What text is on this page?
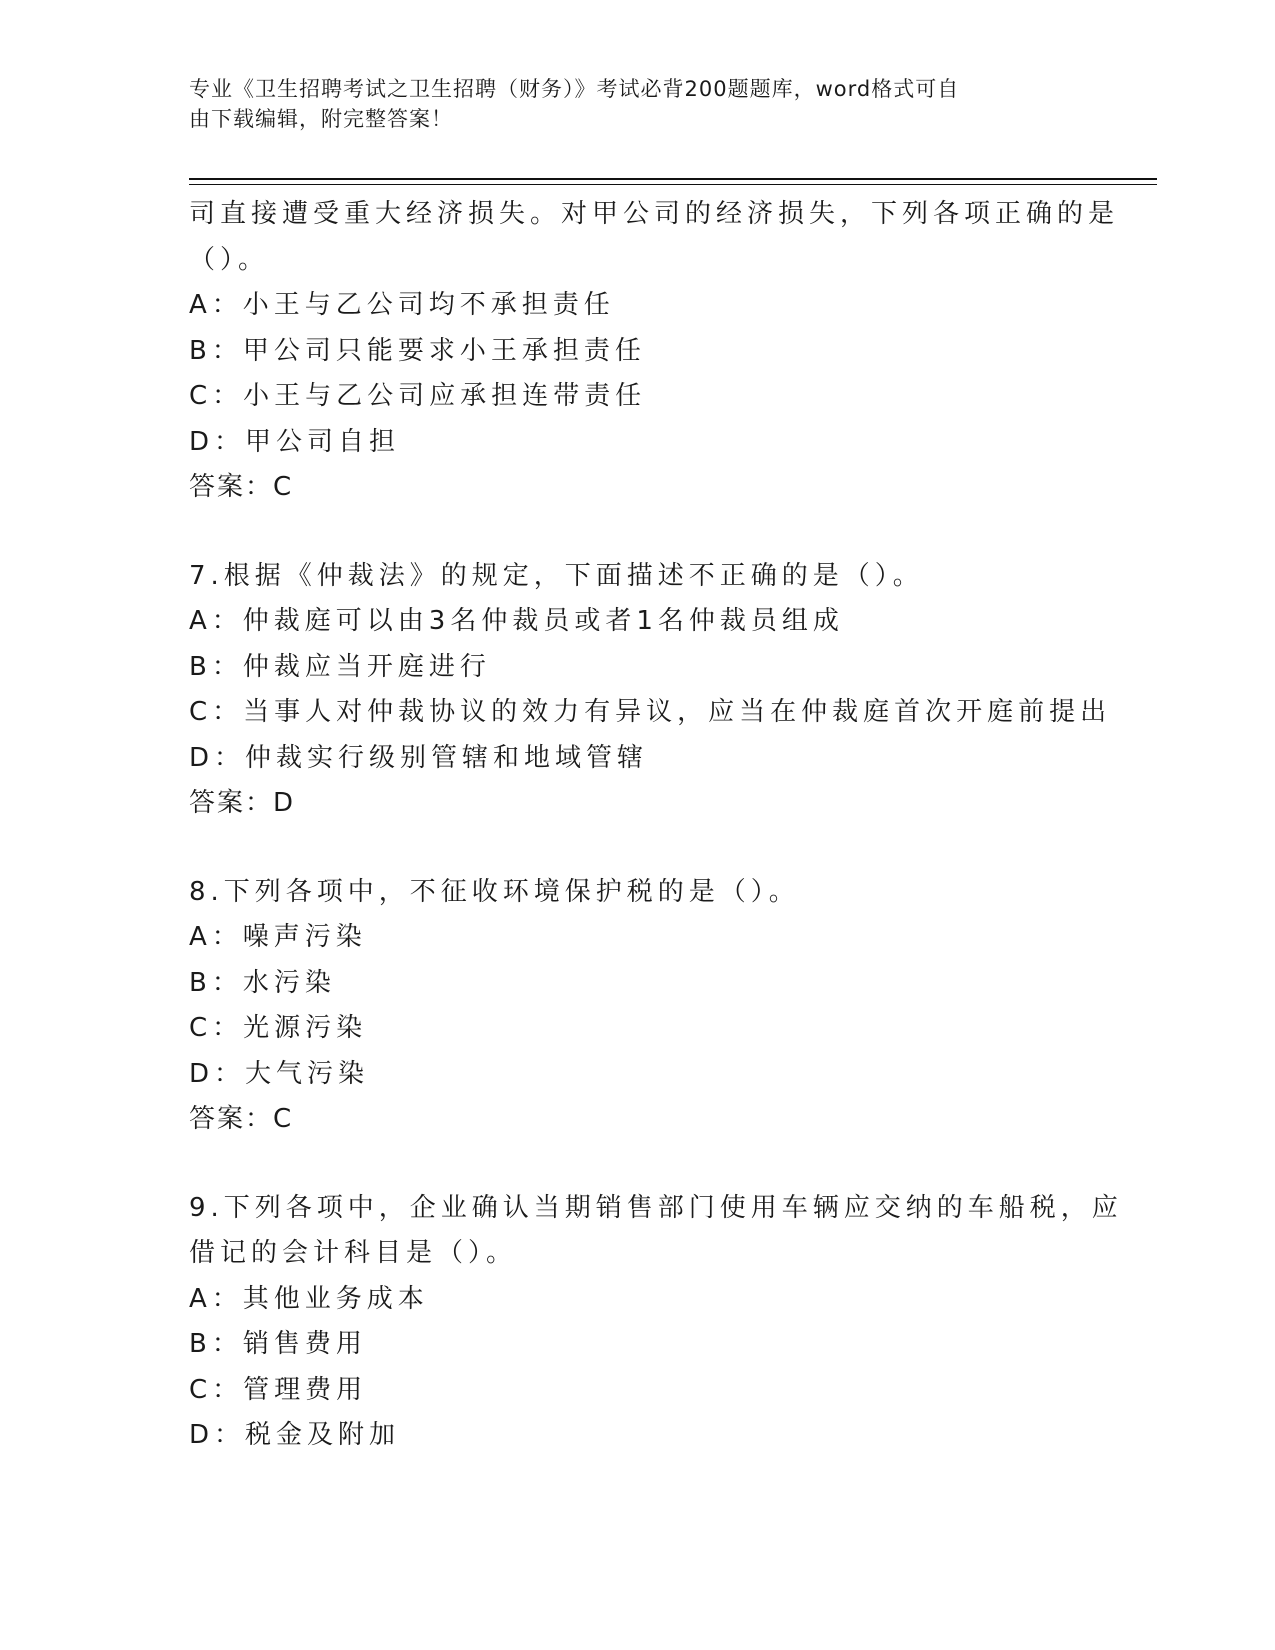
专业《卫生招聘考试之卫生招聘（财务）》考试必背200题题库，word格式可自
由下载编辑，附完整答案！
司直接遭受重大经济损失。对甲公司的经济损失，下列各项正确的是
（）。
A：小王与乙公司均不承担责任
B：甲公司只能要求小王承担责任
C：小王与乙公司应承担连带责任
D：甲公司自担
答案：C
7.根据《仲裁法》的规定，下面描述不正确的是（）。
A：仲裁庭可以由3名仲裁员或者1名仲裁员组成
B：仲裁应当开庭进行
C：当事人对仲裁协议的效力有异议，应当在仲裁庭首次开庭前提出
D：仲裁实行级别管辖和地域管辖
答案：D
8.下列各项中，不征收环境保护税的是（）。
A：噪声污染
B：水污染
C：光源污染
D：大气污染
答案：C
9.下列各项中，企业确认当期销售部门使用车辆应交纳的车船税，应
借记的会计科目是（）。
A：其他业务成本
B：销售费用
C：管理费用
D：税金及附加
